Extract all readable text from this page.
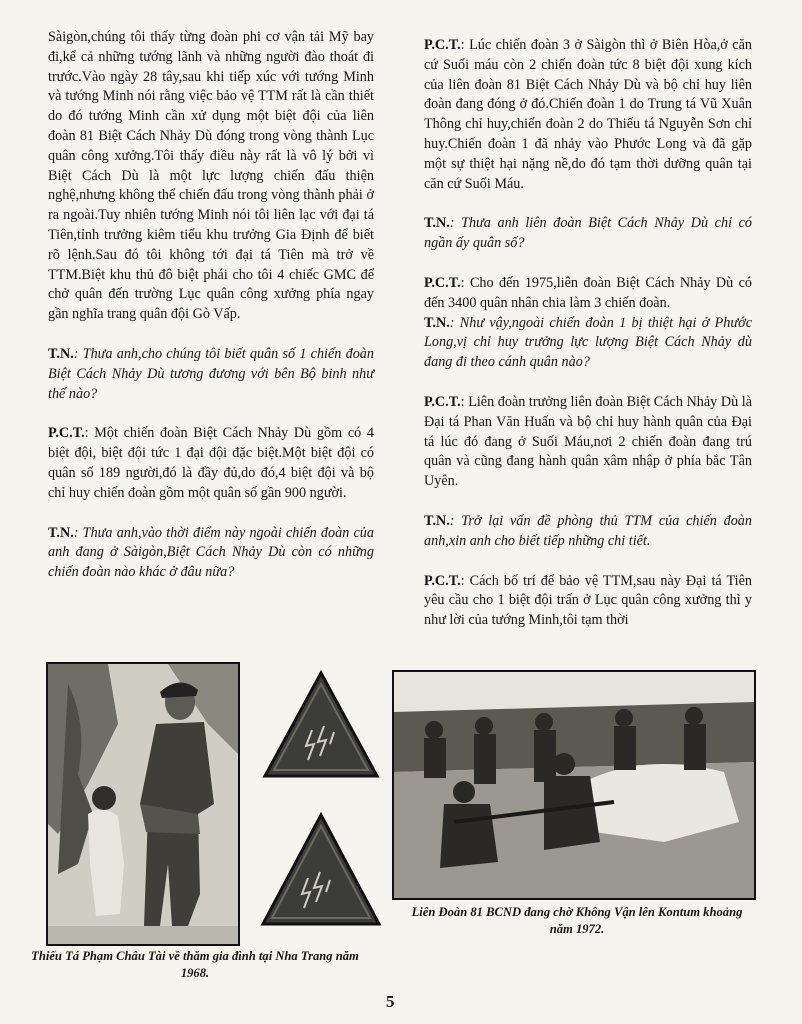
Sàigòn,chúng tôi thấy từng đoàn phi cơ vận tải Mỹ bay đi,kể cả những tướng lãnh và những người đào thoát đi trước.Vào ngày 28 tây,sau khi tiếp xúc với tướng Minh và tướng Minh nói rằng việc bảo vệ TTM rất là cần thiết do đó tướng Minh cần xử dụng một biệt đội của liên đoàn 81 Biệt Cách Nhảy Dù đóng trong vòng thành Lục quân công xưởng.Tôi thấy điều này rất là vô lý bởi vì Biệt Cách Dù là một lực lượng chiến đấu thiện nghệ,nhưng không thể chiến đấu trong vòng thành phải ở ra ngoài.Tuy nhiên tướng Minh nói tôi liên lạc với đại tá Tiên,tỉnh trưởng kiêm tiểu khu trưởng Gia Định để biết rõ lệnh.Sau đó tôi không tới đại tá Tiên mà trở về TTM.Biệt khu thủ đô biệt phái cho tôi 4 chiếc GMC để chở quân đến trường Lục quân công xưởng phía ngay gần nghĩa trang quân đội Gò Vấp.

T.N.: Thưa anh,cho chúng tôi biết quân số 1 chiến đoàn Biệt Cách Nhảy Dù tương đương với bên Bộ binh như thế nào?

P.C.T.: Một chiến đoàn Biệt Cách Nhảy Dù gồm có 4 biệt đội, biệt đội tức 1 đại đội đặc biệt.Một biệt đội có quân số 189 người,đó là đầy đủ,do đó,4 biệt đội và bộ chỉ huy chiến đoàn gồm một quân số gần 900 người.

T.N.: Thưa anh,vào thời điểm này ngoài chiến đoàn của anh đang ở Sàigòn,Biệt Cách Nhảy Dù còn có những chiến đoàn nào khác ở đâu nữa?

P.C.T.: Lúc chiến đoàn 3 ở Sàigòn thì ở Biên Hòa,ở căn cứ Suối máu còn 2 chiến đoàn tức 8 biệt đội xung kích của liên đoàn 81 Biệt Cách Nhảy Dù và bộ chỉ huy liên đoàn đang đóng ở đó.Chiến đoàn 1 do Trung tá Vũ Xuân Thông chỉ huy,chiến đoàn 2 do Thiếu tá Nguyễn Sơn chỉ huy.Chiến đoàn 1 đã nhảy vào Phước Long và đã gặp một sự thiệt hại nặng nề,do đó tạm thời dưỡng quân tại căn cứ Suối Máu.

T.N.: Thưa anh liên đoàn Biệt Cách Nhảy Dù chỉ có ngần ấy quân số?

P.C.T.: Cho đến 1975,liên đoàn Biệt Cách Nhảy Dù có đến 3400 quân nhân chia làm 3 chiến đoàn.

T.N.: Như vậy,ngoài chiến đoàn 1 bị thiệt hại ở Phước Long,vị chỉ huy trưởng lực lượng Biệt Cách Nhảy dù đang đi theo cánh quân nào?

P.C.T.: Liên đoàn trưởng liên đoàn Biệt Cách Nhảy Dù là Đại tá Phan Văn Huấn và bộ chỉ huy hành quân của Đại tá lúc đó đang ở Suối Máu,nơi 2 chiến đoàn đang trú quân và cũng đang hành quân xâm nhập ở phía bắc Tân Uyên.

T.N.: Trở lại vấn đề phòng thủ TTM của chiến đoàn anh,xin anh cho biết tiếp những chi tiết.

P.C.T.: Cách bố trí để bảo vệ TTM,sau này Đại tá Tiên yêu cầu cho 1 biệt đội trấn ở Lục quân công xưởng thì y như lời của tướng Minh,tôi tạm thời

Thiếu Tá Phạm Châu Tài về thăm gia đình tại Nha Trang năm 1968.
Liên Đoàn 81 BCND đang chờ Không Vận lên Kontum khoảng năm 1972.
5
